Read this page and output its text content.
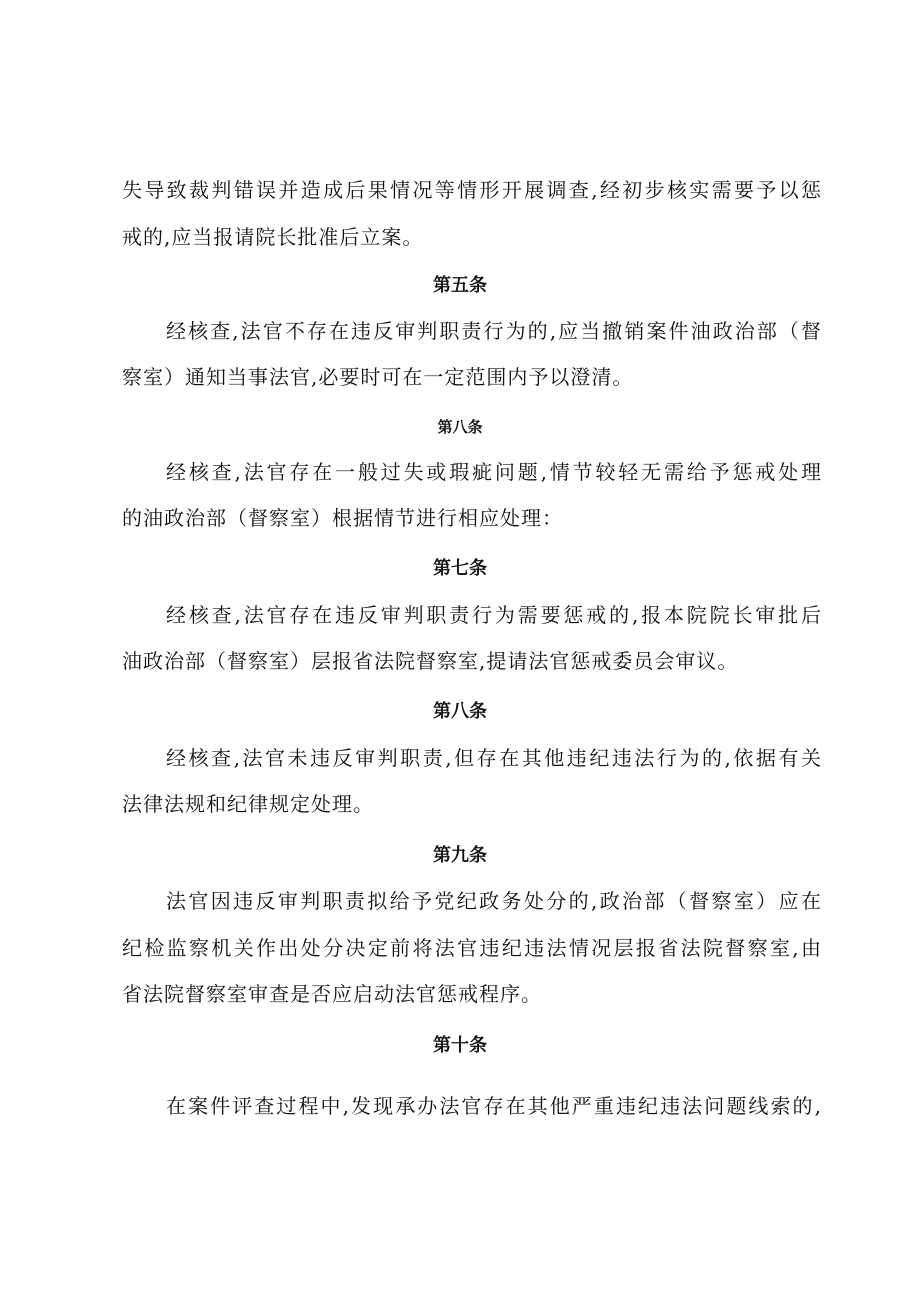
失导致裁判错误并造成后果情况等情形开展调查,经初步核实需要予以惩
戒的,应当报请院长批准后立案。
第五条
经核查,法官不存在违反审判职责行为的,应当撤销案件油政治部（督
察室）通知当事法官,必要时可在一定范围内予以澄清。
第八条
经核查,法官存在一般过失或瑕疵问题,情节较轻无需给予惩戒处理
的油政治部（督察室）根据情节进行相应处理：
第七条
经核查,法官存在违反审判职责行为需要惩戒的,报本院院长审批后
油政治部（督察室）层报省法院督察室,提请法官惩戒委员会审议。
第八条
经核查,法官未违反审判职责,但存在其他违纪违法行为的,依据有关
法律法规和纪律规定处理。
第九条
法官因违反审判职责拟给予党纪政务处分的,政治部（督察室）应在
纪检监察机关作出处分决定前将法官违纪违法情况层报省法院督察室,由
省法院督察室审查是否应启动法官惩戒程序。
第十条
在案件评查过程中,发现承办法官存在其他严重违纪违法问题线索的,
